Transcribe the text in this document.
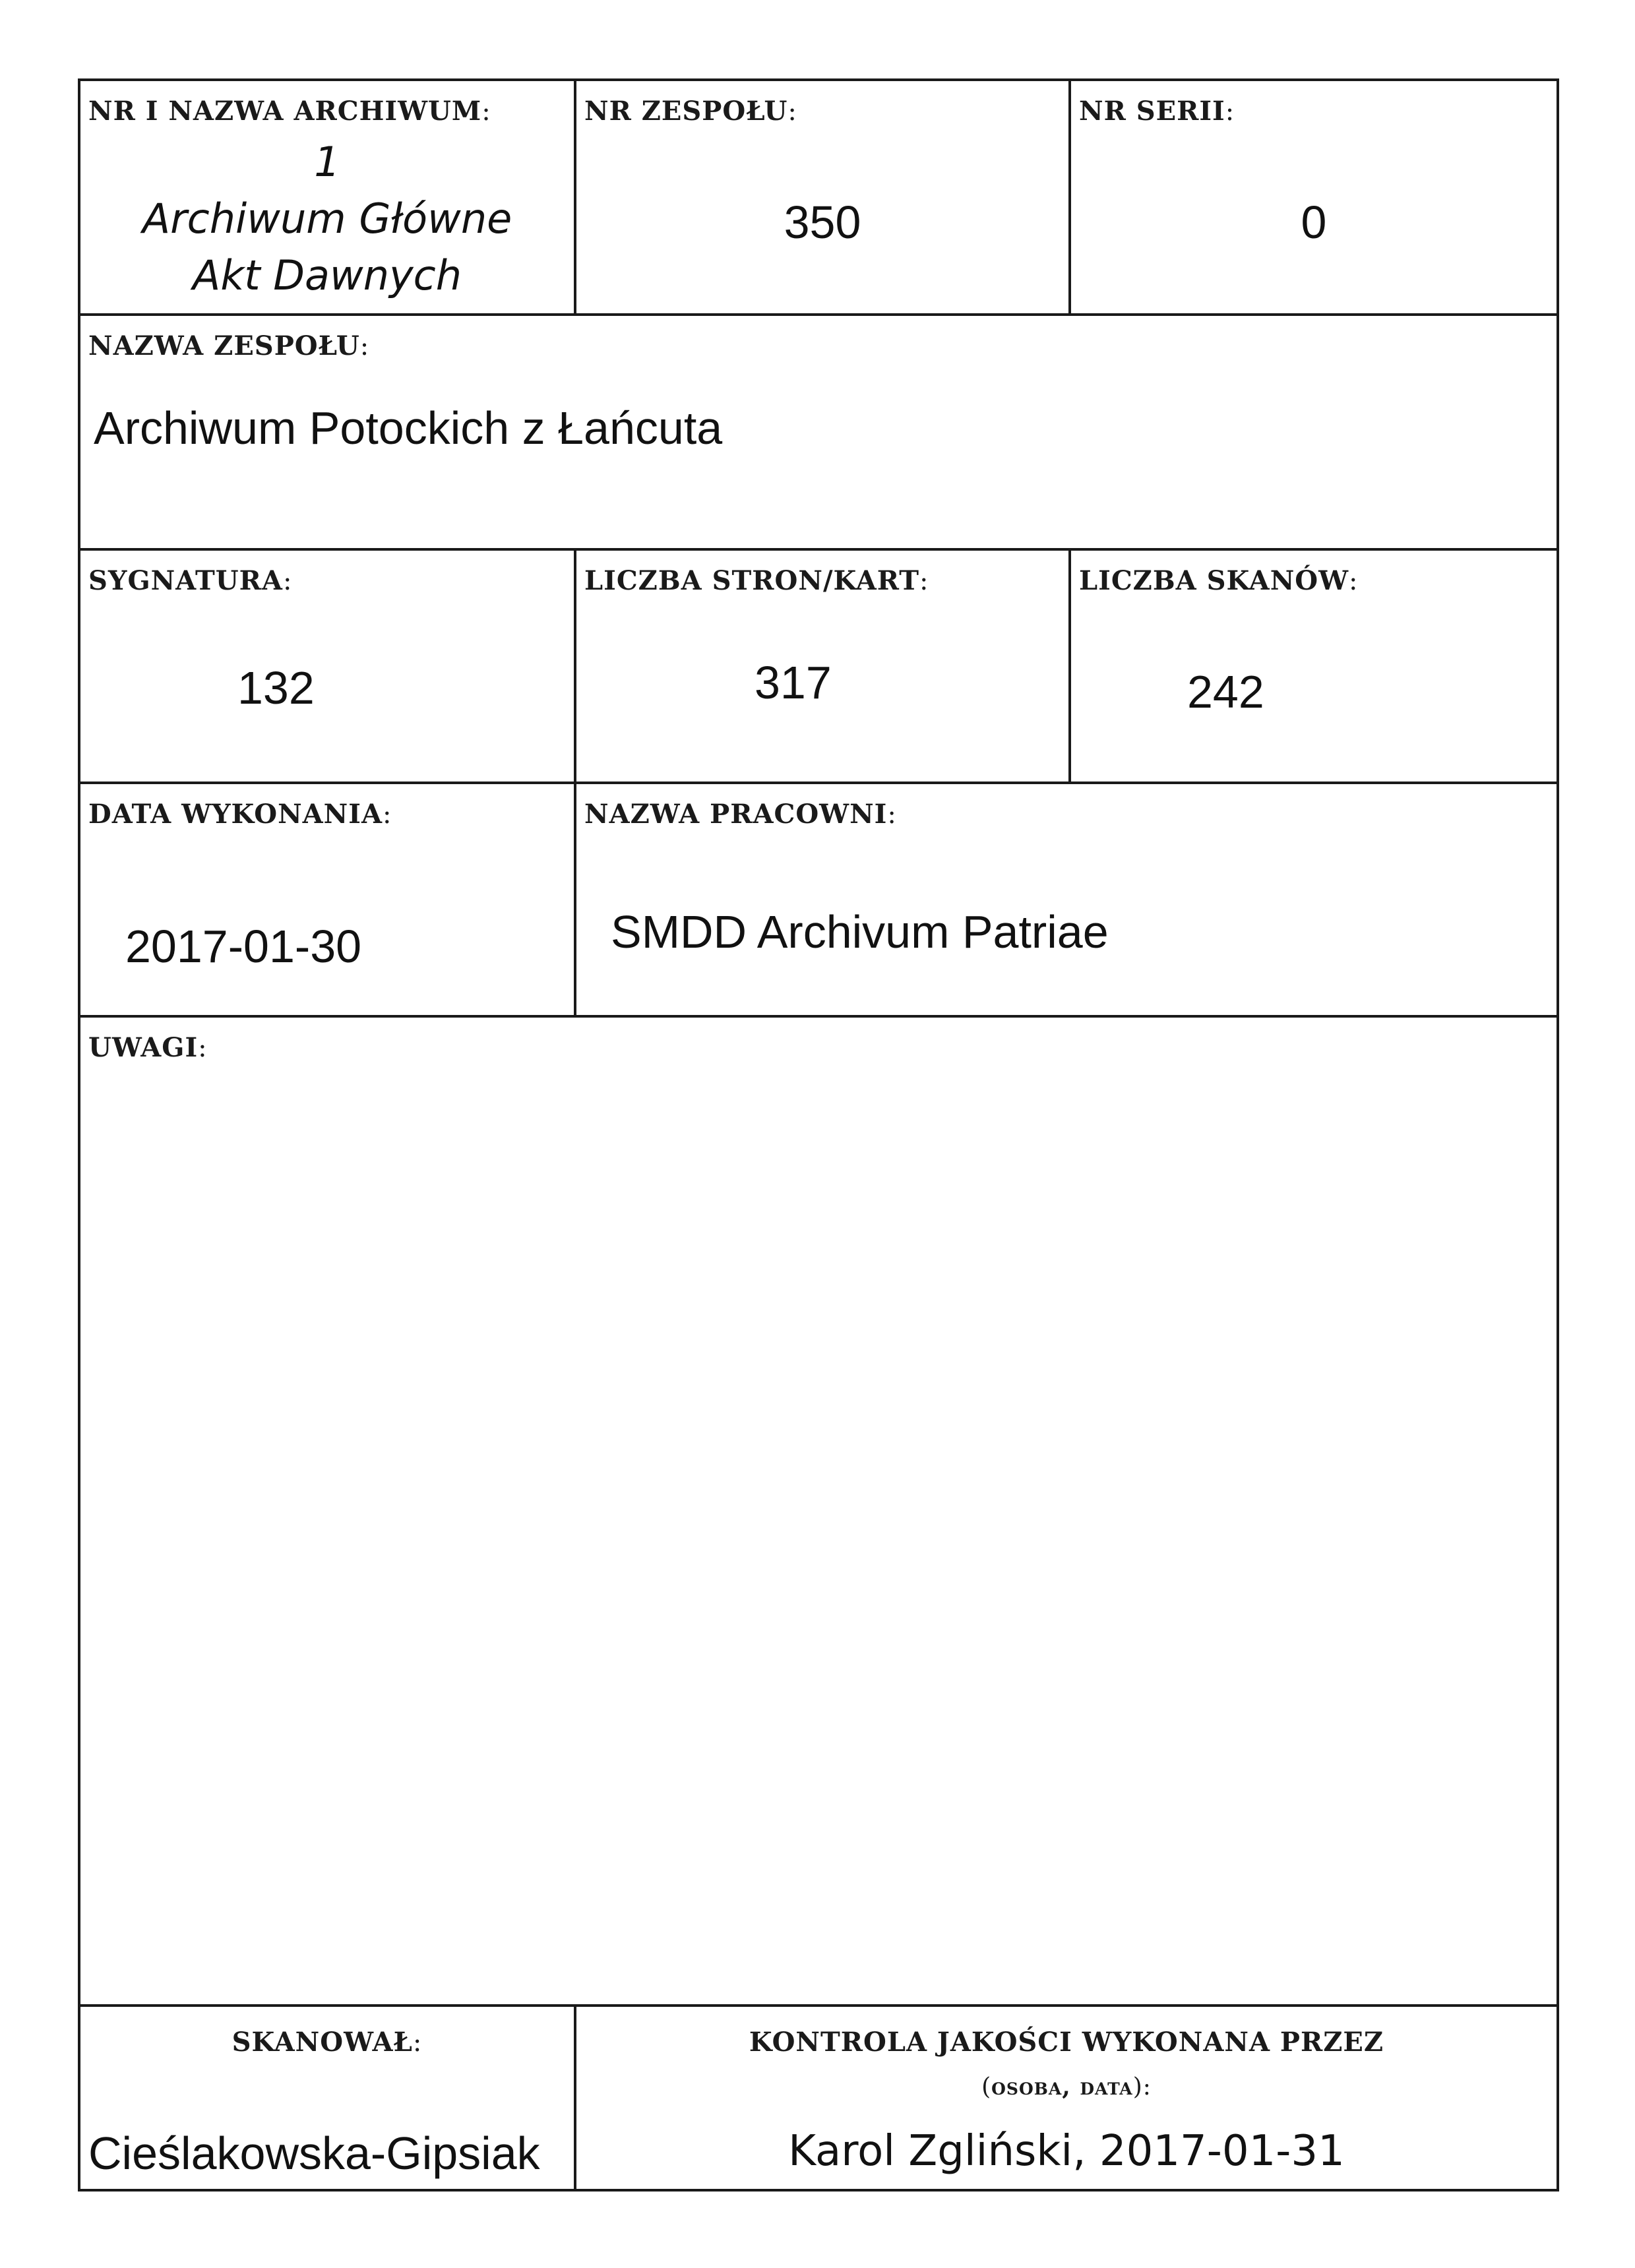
NR I NAZWA ARCHIWUM:
1
Archiwum Główne
Akt Dawnych
NR ZESPOŁU:
350
NR SERII:
0
NAZWA ZESPOŁU:
Archiwum Potockich z Łańcuta
SYGNATURA:
132
LICZBA STRON/KART:
317
LICZBA SKANÓW:
242
DATA WYKONANIA:
2017-01-30
NAZWA PRACOWNI:
SMDD Archivum Patriae
UWAGI:
SKANOWAŁ:
Cieślakowska-Gipsiak
KONTROLA JAKOŚCI WYKONANA PRZEZ
(osoba, data):
Karol Zgliński, 2017-01-31
